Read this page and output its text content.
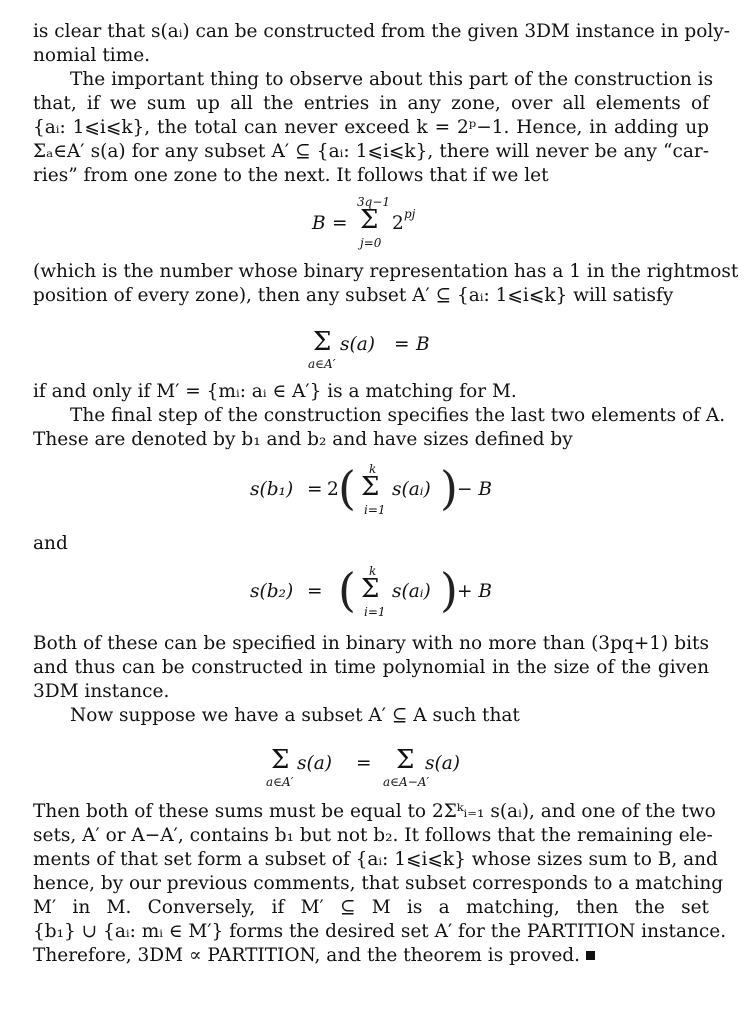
is clear that s(aᵢ) can be constructed from the given 3DM instance in poly-
nomial time.
The important thing to observe about this part of the construction is
that, if we sum up all the entries in any zone, over all elements of
{aᵢ: 1⩽i⩽k}, the total can never exceed k = 2ᵖ−1. Hence, in adding up
Σₐ∈A′ s(a) for any subset A′ ⊆ {aᵢ: 1⩽i⩽k}, there will never be any “car-
ries” from one zone to the next. It follows that if we let
B =
3q−1
Σ
j=0
2 pj
(which is the number whose binary representation has a 1 in the rightmost
position of every zone), then any subset A′ ⊆ {aᵢ: 1⩽i⩽k} will satisfy
Σ
a∈A′
s(a) = B
if and only if M′ = {mᵢ: aᵢ ∈ A′} is a matching for M.
The final step of the construction specifies the last two elements of A.
These are denoted by b₁ and b₂ and have sizes defined by
s(b₁) = 2 ( k
Σ
i=1
s(aᵢ) ) − B
and
s(b₂) = ( k
Σ
i=1
s(aᵢ) ) + B
Both of these can be specified in binary with no more than (3pq+1) bits
and thus can be constructed in time polynomial in the size of the given
3DM instance.
Now suppose we have a subset A′ ⊆ A such that
Σ
a∈A′
s(a) = Σ
a∈A−A′
s(a)
Then both of these sums must be equal to 2Σᵏᵢ₌₁ s(aᵢ), and one of the two
sets, A′ or A−A′, contains b₁ but not b₂. It follows that the remaining ele-
ments of that set form a subset of {aᵢ: 1⩽i⩽k} whose sizes sum to B, and
hence, by our previous comments, that subset corresponds to a matching
M′ in M. Conversely, if M′ ⊆ M is a matching, then the set
{b₁} ∪ {aᵢ: mᵢ ∈ M′} forms the desired set A′ for the PARTITION instance.
Therefore, 3DM ∝ PARTITION, and the theorem is proved.
